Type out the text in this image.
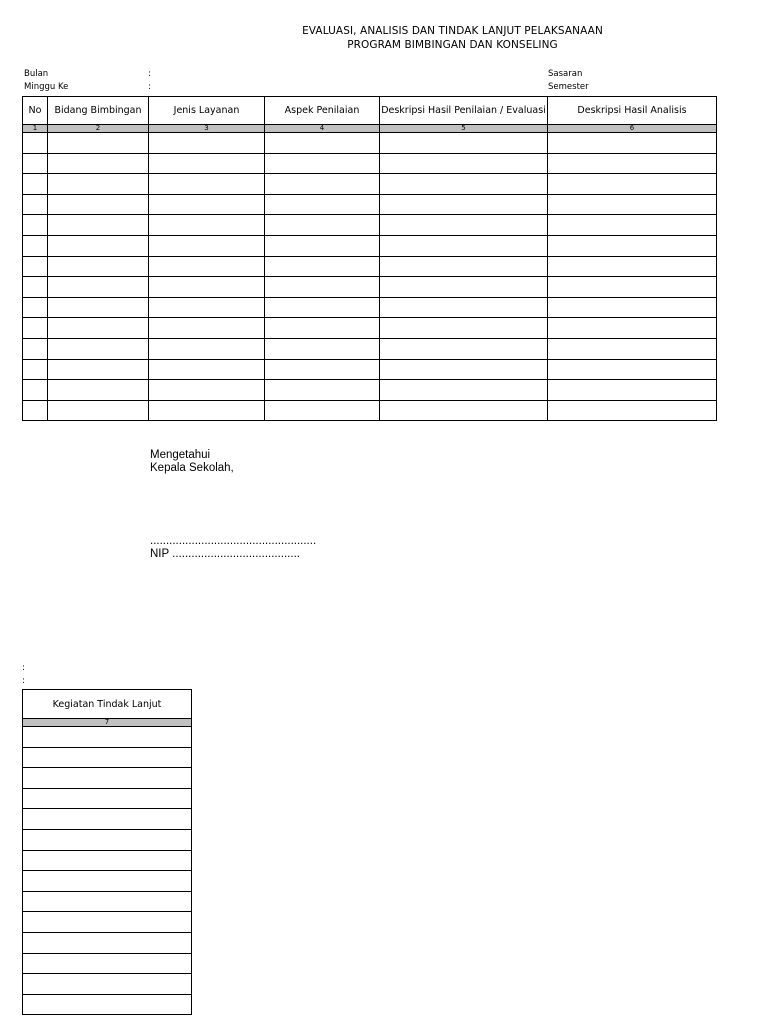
EVALUASI, ANALISIS DAN TINDAK LANJUT PELAKSANAAN
PROGRAM BIMBINGAN DAN KONSELING
Bulan
Minggu Ke
:
:
Sasaran
Semester
No	Bidang Bimbingan	Jenis Layanan	Aspek Penilaian	Deskripsi Hasil Penilaian / Evaluasi	Deskripsi Hasil Analisis
1	2	3	4	5	6

Mengetahui
Kepala Sekolah,
....................................................
NIP ........................................
:
:
Kegiatan Tindak Lanjut
7
